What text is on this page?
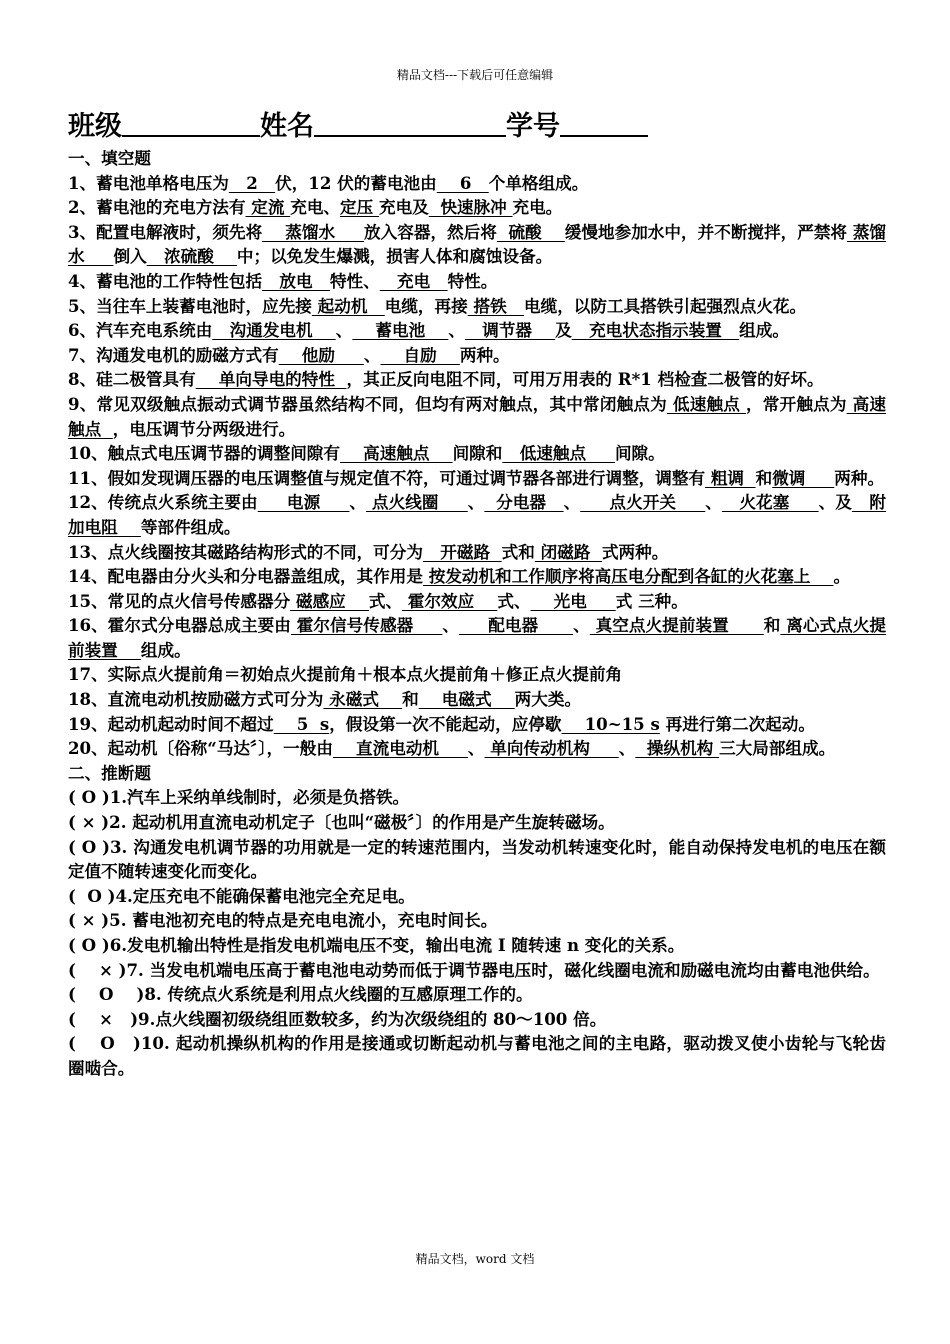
精品文档---下载后可任意编辑
班级	姓名	学号

一、填空题

1、蓄电池单格电压为   2   伏，12 伏的蓄电池由    6   个单格组成。

2、蓄电池的充电方法有 定流 充电、定压 充电及  快速脉冲 充电。

3、配置电解液时，须先将    蒸馏水     放入容器，然后将  硫酸    缓慢地参加水中，并不断搅拌，严禁将 蒸馏水     倒入   浓硫酸    中；以免发生爆溅，损害人体和腐蚀设备。

4、蓄电池的工作特性包括   放电   特性、   充电   特性。

5、当往车上装蓄电池时，应先接 起动机   电缆，再接 搭铁   电缆，以防工具搭铁引起强烈点火花。

6、汽车充电系统由   沟通发电机    、    蓄电池    、   调节器    及   充电状态指示装置   组成。

7、沟通发电机的励磁方式有    他励     、    自励    两种。

8、硅二极管具有    单向导电的特性  ，其正反向电阻不同，可用万用表的 R*1 档检查二极管的好坏。

9、常见双级触点振动式调节器虽然结构不同，但均有两对触点，其中常闭触点为 低速触点 ，常开触点为 高速触点  ，电压调节分两级进行。

10、触点式电压调节器的调整间隙有    高速触点    间隙和   低速触点     间隙。

11、假如发现调压器的电压调整值与规定值不符，可通过调节器各部进行调整，调整有 粗调  和微调     两种。

12、传统点火系统主要由     电源     、 点火线圈     、  分电器   、     点火开关     、   火花塞     、及   附加电阻    等部件组成。

13、点火线圈按其磁路结构形式的不同，可分为   开磁路  式和 闭磁路  式两种。

14、配电器由分火头和分电器盖组成，其作用是 按发动机和工作顺序将高压电分配到各缸的火花塞上    。

15、常见的点火信号传感器分 磁感应    式、 霍尔效应    式、    光电     式 三种。

16、霍尔式分电器总成主要由 霍尔信号传感器     、     配电器      、 真空点火提前装置      和 离心式点火提前装置    组成。

17、实际点火提前角＝初始点火提前角＋根本点火提前角＋修正点火提前角

18、直流电动机按励磁方式可分为 永磁式    和    电磁式    两大类。

19、起动机起动时间不超过    5  s，假设第一次不能起动，应停歇    10~15 s 再进行第二次起动。

20、起动机〔俗称“马达〞〕，一般由    直流电动机     、 单向传动机构     、  操纵机构 三大局部组成。

二、推断题

( O )1.汽车上采纳单线制时，必须是负搭铁。

( × )2. 起动机用直流电动机定子〔也叫“磁极〞〕的作用是产生旋转磁场。

( O )3. 沟通发电机调节器的功用就是一定的转速范围内，当发动机转速变化时，能自动保持发电机的电压在额定值不随转速变化而变化。

(  O )4.定压充电不能确保蓄电池完全充足电。

( × )5. 蓄电池初充电的特点是充电电流小，充电时间长。

( O )6.发电机输出特性是指发电机端电压不变，输出电流 I 随转速 n 变化的关系。

(    × )7. 当发电机端电压高于蓄电池电动势而低于调节器电压时，磁化线圈电流和励磁电流均由蓄电池供给。

(    O    )8. 传统点火系统是利用点火线圈的互感原理工作的。

(    ×   )9.点火线圈初级绕组匝数较多，约为次级绕组的 80～100 倍。

(    O   )10. 起动机操纵机构的作用是接通或切断起动机与蓄电池之间的主电路，驱动拨叉使小齿轮与飞轮齿圈啮合。

精品文档，word 文档
